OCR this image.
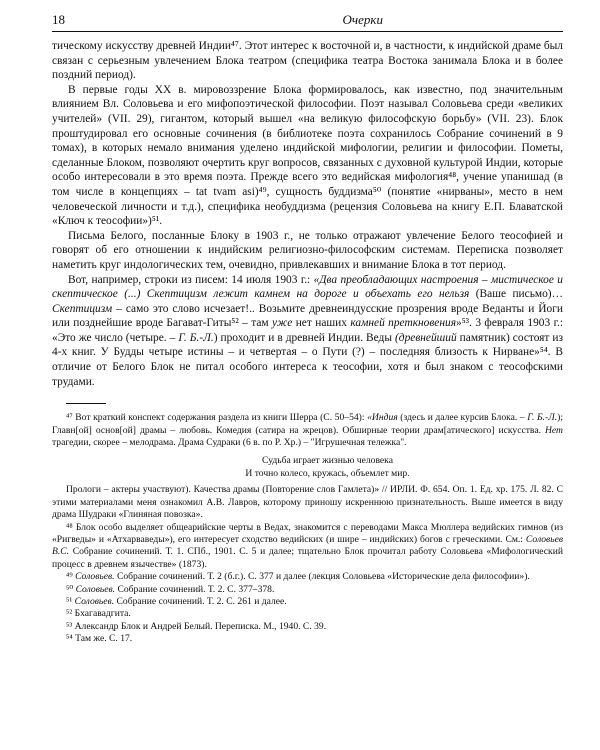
18	Очерки

тическому искусству древней Индии⁴⁷. Этот интерес к восточной и, в частности, к индийской драме был связан с серьезным увлечением Блока театром (специфика театра Востока занимала Блока и в более поздний период).

В первые годы XX в. мировоззрение Блока формировалось, как известно, под значительным влиянием Вл. Соловьева и его мифопоэтической философии. Поэт называл Соловьева среди «великих учителей» (VII. 29), гигантом, который вышел «на великую философскую борьбу» (VII. 23). Блок проштудировал его основные сочинения (в библиотеке поэта сохранилось Собрание сочинений в 9 томах), в которых немало внимания уделено индийской мифологии, религии и философии. Пометы, сделанные Блоком, позволяют очертить круг вопросов, связанных с духовной культурой Индии, которые особо интересовали в это время поэта. Прежде всего это ведийская мифология⁴⁸, учение упанишад (в том числе в концепциях – tat tvam asi)⁴⁹, сущность буддизма⁵⁰ (понятие «нирваны», место в нем человеческой личности и т.д.), специфика необуддизма (рецензия Соловьева на книгу Е.П. Блаватской «Ключ к теософии»)⁵¹.

Письма Белого, посланные Блоку в 1903 г., не только отражают увлечение Белого теософией и говорят об его отношении к индийским религиозно-философским системам. Переписка позволяет наметить круг индологических тем, очевидно, привлекавших и внимание Блока в тот период.

Вот, например, строки из писем: 14 июля 1903 г.: «Два преобладающих настроения – мистическое и скептическое (...) Скептицизм лежит камнем на дороге и объехать его нельзя (Ваше письмо)… Скептицизм – само это слово исчезает!.. Возьмите древнеиндусские прозрения вроде Веданты и Йоги или позднейшие вроде Багават-Гиты⁵² – там уже нет наших камней преткновения»⁵³. 3 февраля 1903 г.: «Это же число (четыре. – Г. Б.-Л.) проходит и в древней Индии. Веды (древнейший памятник) состоят из 4-х книг. У Будды четыре истины – и четвертая – о Пути (?) – последняя близость к Нирване»⁵⁴. В отличие от Белого Блок не питал особого интереса к теософии, хотя и был знаком с теософскими трудами.

⁴⁷ Вот краткий конспект содержания раздела из книги Шерра (С. 50–54): «Индия (здесь и далее курсив Блока. – Г. Б.-Л.); Главн[ой] основ[ой] драмы – любовь. Комедия (сатира на жрецов). Обширные теории драм[атического] искусства. Нет трагедии, скорее – мелодрама. Драма Судраки (6 в. по Р. Хр.) – "Игрушечная тележка".

Судьба играет жизнью человека
И точно колесо, кружась, объемлет мир.

Прологи – актеры участвуют). Качества драмы (Повторение слов Гамлета)» // ИРЛИ. Ф. 654. Оп. 1. Ед. хр. 175. Л. 82. С этими материалами меня ознакомил А.В. Лавров, которому приношу искреннюю признательность. Выше имеется в виду драма Шудраки «Глиняная повозка».

⁴⁸ Блок особо выделяет общеарийские черты в Ведах, знакомится с переводами Макса Мюллера ведийских гимнов (из «Ригведы» и «Атхарваведы»), его интересует сходство ведийских (и шире – индийских) богов с греческими. См.: Соловьев В.С. Собрание сочинений. Т. 1. СПб., 1901. С. 5 и далее; тщательно Блок прочитал работу Соловьева «Мифологический процесс в древнем язычестве» (1873).

⁴⁹ Соловьев. Собрание сочинений. Т. 2 (б.г.). С. 377 и далее (лекция Соловьева «Исторические дела философии»).

⁵⁰ Соловьев. Собрание сочинений. Т. 2. С. 377–378.

⁵¹ Соловьев. Собрание сочинений. Т. 2. С. 261 и далее.

⁵² Бхагавадгита.

⁵³ Александр Блок и Андрей Белый. Переписка. М., 1940. С. 39.

⁵⁴ Там же. С. 17.
